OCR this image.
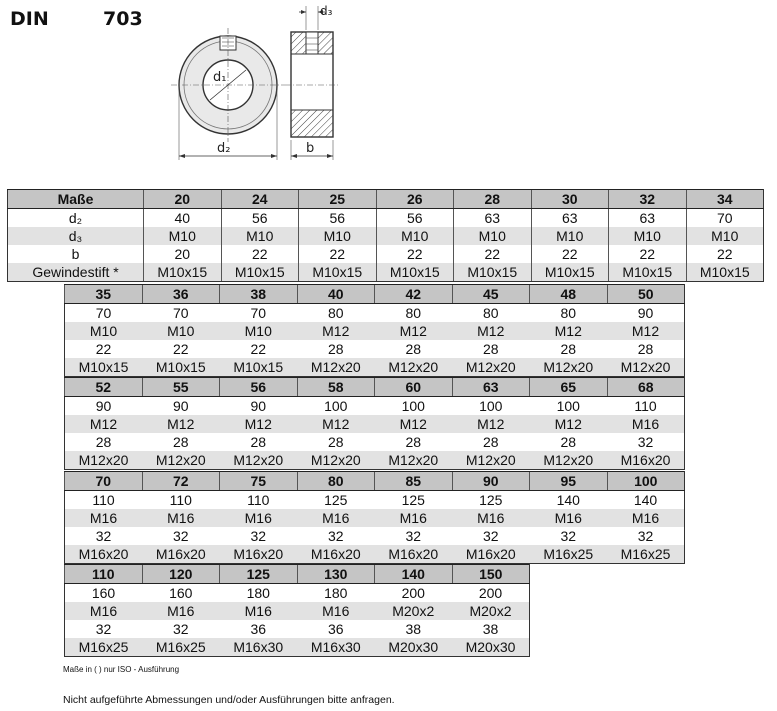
DIN	703
d₁
d₂
d₃
b
Maße	20	24	25	26	28	30	32	34
d₂	40	56	56	56	63	63	63	70
d₃	M10	M10	M10	M10	M10	M10	M10	M10
b	20	22	22	22	22	22	22	22
Gewindestift *	M10x15	M10x15	M10x15	M10x15	M10x15	M10x15	M10x15	M10x15
35	36	38	40	42	45	48	50
70	70	70	80	80	80	80	90
M10	M10	M10	M12	M12	M12	M12	M12
22	22	22	28	28	28	28	28
M10x15	M10x15	M10x15	M12x20	M12x20	M12x20	M12x20	M12x20
52	55	56	58	60	63	65	68
90	90	90	100	100	100	100	110
M12	M12	M12	M12	M12	M12	M12	M16
28	28	28	28	28	28	28	32
M12x20	M12x20	M12x20	M12x20	M12x20	M12x20	M12x20	M16x20
70	72	75	80	85	90	95	100
110	110	110	125	125	125	140	140
M16	M16	M16	M16	M16	M16	M16	M16
32	32	32	32	32	32	32	32
M16x20	M16x20	M16x20	M16x20	M16x20	M16x20	M16x25	M16x25
110	120	125	130	140	150
160	160	180	180	200	200
M16	M16	M16	M16	M20x2	M20x2
32	32	36	36	38	38
M16x25	M16x25	M16x30	M16x30	M20x30	M20x30
Maße in ( ) nur ISO - Ausführung
Nicht aufgeführte Abmessungen und/oder Ausführungen bitte anfragen.
